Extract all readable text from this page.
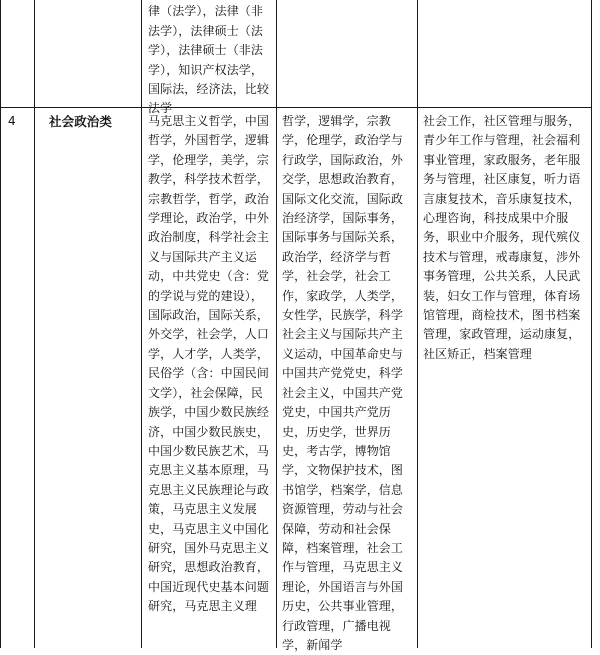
律（法学），法律（非法学），法律硕士（法学），法律硕士（非法学），知识产权法学，国际法，经济法，比较法学
4	社会政治类	马克思主义哲学，中国哲学，外国哲学，逻辑学，伦理学，美学，宗教学，科学技术哲学，宗教哲学，哲学，政治学理论，政治学，中外政治制度，科学社会主义与国际共产主义运动，中共党史（含：党的学说与党的建设），国际政治，国际关系，外交学，社会学，人口学，人才学，人类学，民俗学（含：中国民间文学），社会保障，民族学，中国少数民族经济，中国少数民族史，中国少数民族艺术，马克思主义基本原理，马克思主义民族理论与政策，马克思主义发展史，马克思主义中国化研究，国外马克思主义研究，思想政治教育，中国近现代史基本问题研究，马克思主义理
哲学，逻辑学，宗教学，伦理学，政治学与行政学，国际政治，外交学，思想政治教育，国际文化交流，国际政治经济学，国际事务，国际事务与国际关系，政治学，经济学与哲学，社会学，社会工作，家政学，人类学，女性学，民族学，科学社会主义与国际共产主义运动，中国革命史与中国共产党党史，科学社会主义，中国共产党党史，中国共产党历史，历史学，世界历史，考古学，博物馆学，文物保护技术，图书馆学，档案学，信息资源管理，劳动与社会保障，劳动和社会保障，档案管理，社会工作与管理，马克思主义理论，外国语言与外国历史，公共事业管理，行政管理，广播电视学，新闻学
社会工作，社区管理与服务，青少年工作与管理，社会福利事业管理，家政服务，老年服务与管理，社区康复，听力语言康复技术，音乐康复技术，心理咨询，科技成果中介服务，职业中介服务，现代殡仪技术与管理，戒毒康复，涉外事务管理，公共关系，人民武装，妇女工作与管理，体育场馆管理，商检技术，图书档案管理，家政管理，运动康复，社区矫正，档案管理
